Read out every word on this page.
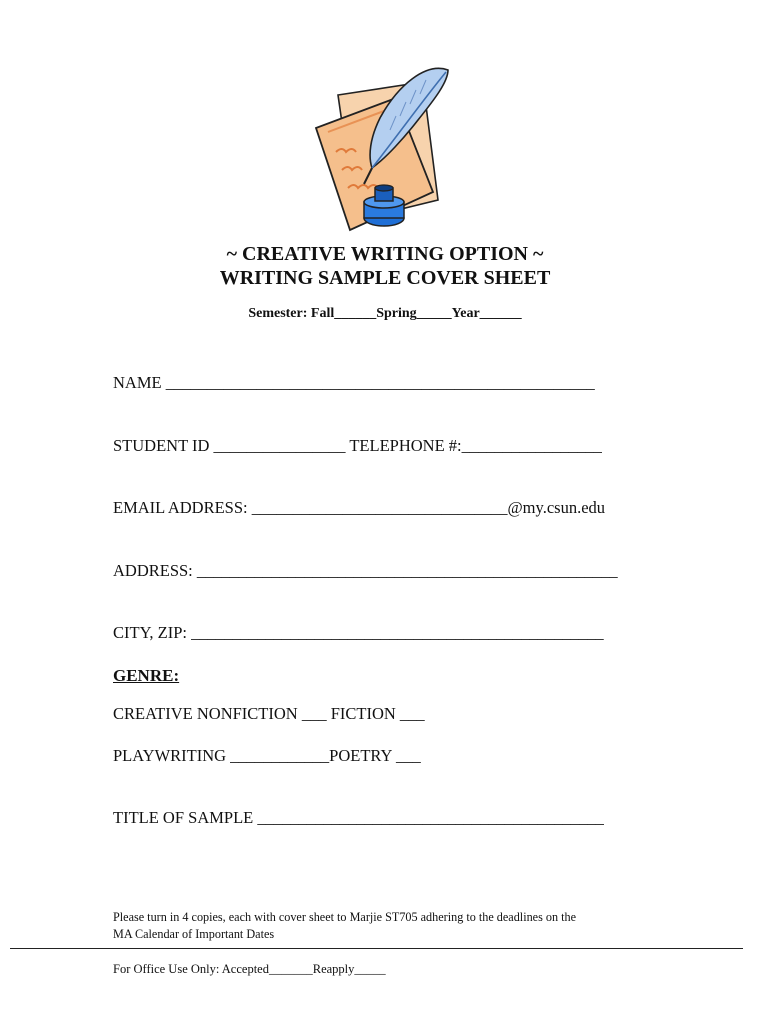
~ CREATIVE WRITING OPTION ~
WRITING SAMPLE COVER SHEET
Semester: Fall______Spring_____Year______
NAME ____________________________________________________
STUDENT ID ________________ TELEPHONE #:_________________
EMAIL ADDRESS: _______________________________@my.csun.edu
ADDRESS: ___________________________________________________
CITY, ZIP: __________________________________________________
GENRE:
CREATIVE NONFICTION ___ FICTION ___
PLAYWRITING ____________POETRY ___
TITLE OF SAMPLE __________________________________________
Please turn in 4 copies, each with cover sheet to Marjie ST705 adhering to the deadlines on the
MA Calendar of Important Dates
For Office Use Only: Accepted_______Reapply_____
